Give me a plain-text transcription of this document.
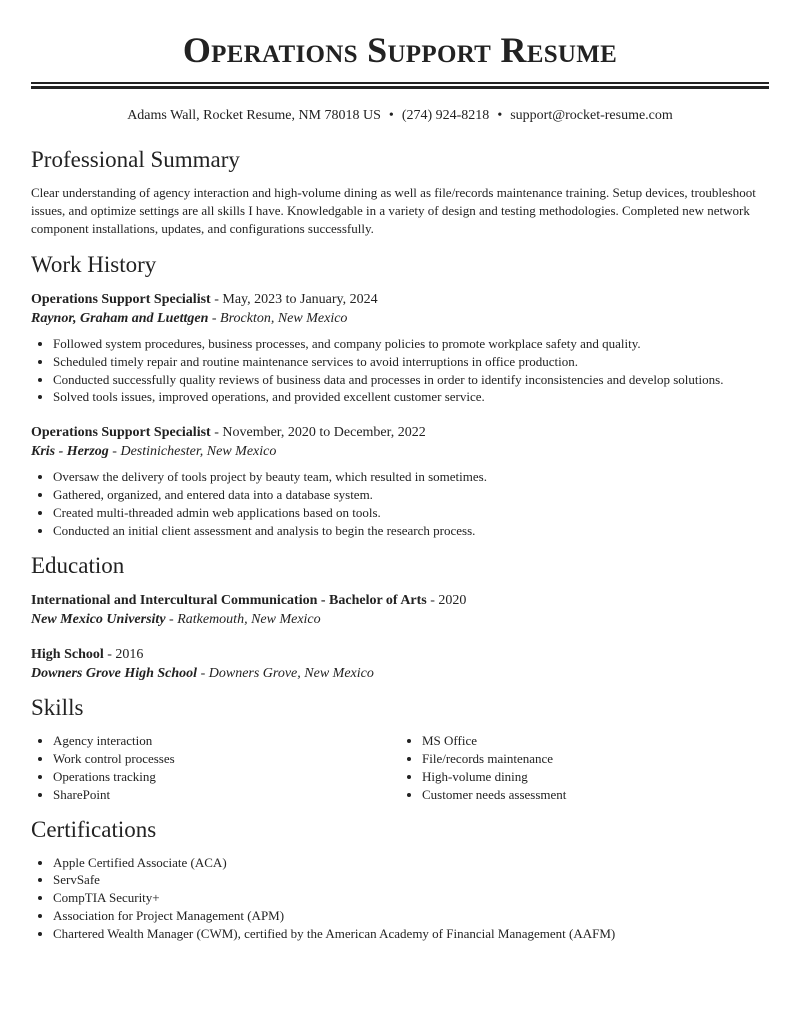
Operations Support Resume
Adams Wall, Rocket Resume, NM 78018 US • (274) 924-8218 • support@rocket-resume.com
Professional Summary

Clear understanding of agency interaction and high-volume dining as well as file/records maintenance training. Setup devices, troubleshoot issues, and optimize settings are all skills I have. Knowledgable in a variety of design and testing methodologies. Completed new network component installations, updates, and configurations successfully.

Work History
Operations Support Specialist - May, 2023 to January, 2024
Raynor, Graham and Luettgen - Brockton, New Mexico
• Followed system procedures, business processes, and company policies to promote workplace safety and quality.
• Scheduled timely repair and routine maintenance services to avoid interruptions in office production.
• Conducted successfully quality reviews of business data and processes in order to identify inconsistencies and develop solutions.
• Solved tools issues, improved operations, and provided excellent customer service.
Operations Support Specialist - November, 2020 to December, 2022
Kris - Herzog - Destinichester, New Mexico
• Oversaw the delivery of tools project by beauty team, which resulted in sometimes.
• Gathered, organized, and entered data into a database system.
• Created multi-threaded admin web applications based on tools.
• Conducted an initial client assessment and analysis to begin the research process.
Education
International and Intercultural Communication - Bachelor of Arts - 2020
New Mexico University - Ratkemouth, New Mexico
High School - 2016
Downers Grove High School - Downers Grove, New Mexico
Skills
• Agency interaction
• Work control processes
• Operations tracking
• SharePoint
• MS Office
• File/records maintenance
• High-volume dining
• Customer needs assessment
Certifications
• Apple Certified Associate (ACA)
• ServSafe
• CompTIA Security+
• Association for Project Management (APM)
• Chartered Wealth Manager (CWM), certified by the American Academy of Financial Management (AAFM)
